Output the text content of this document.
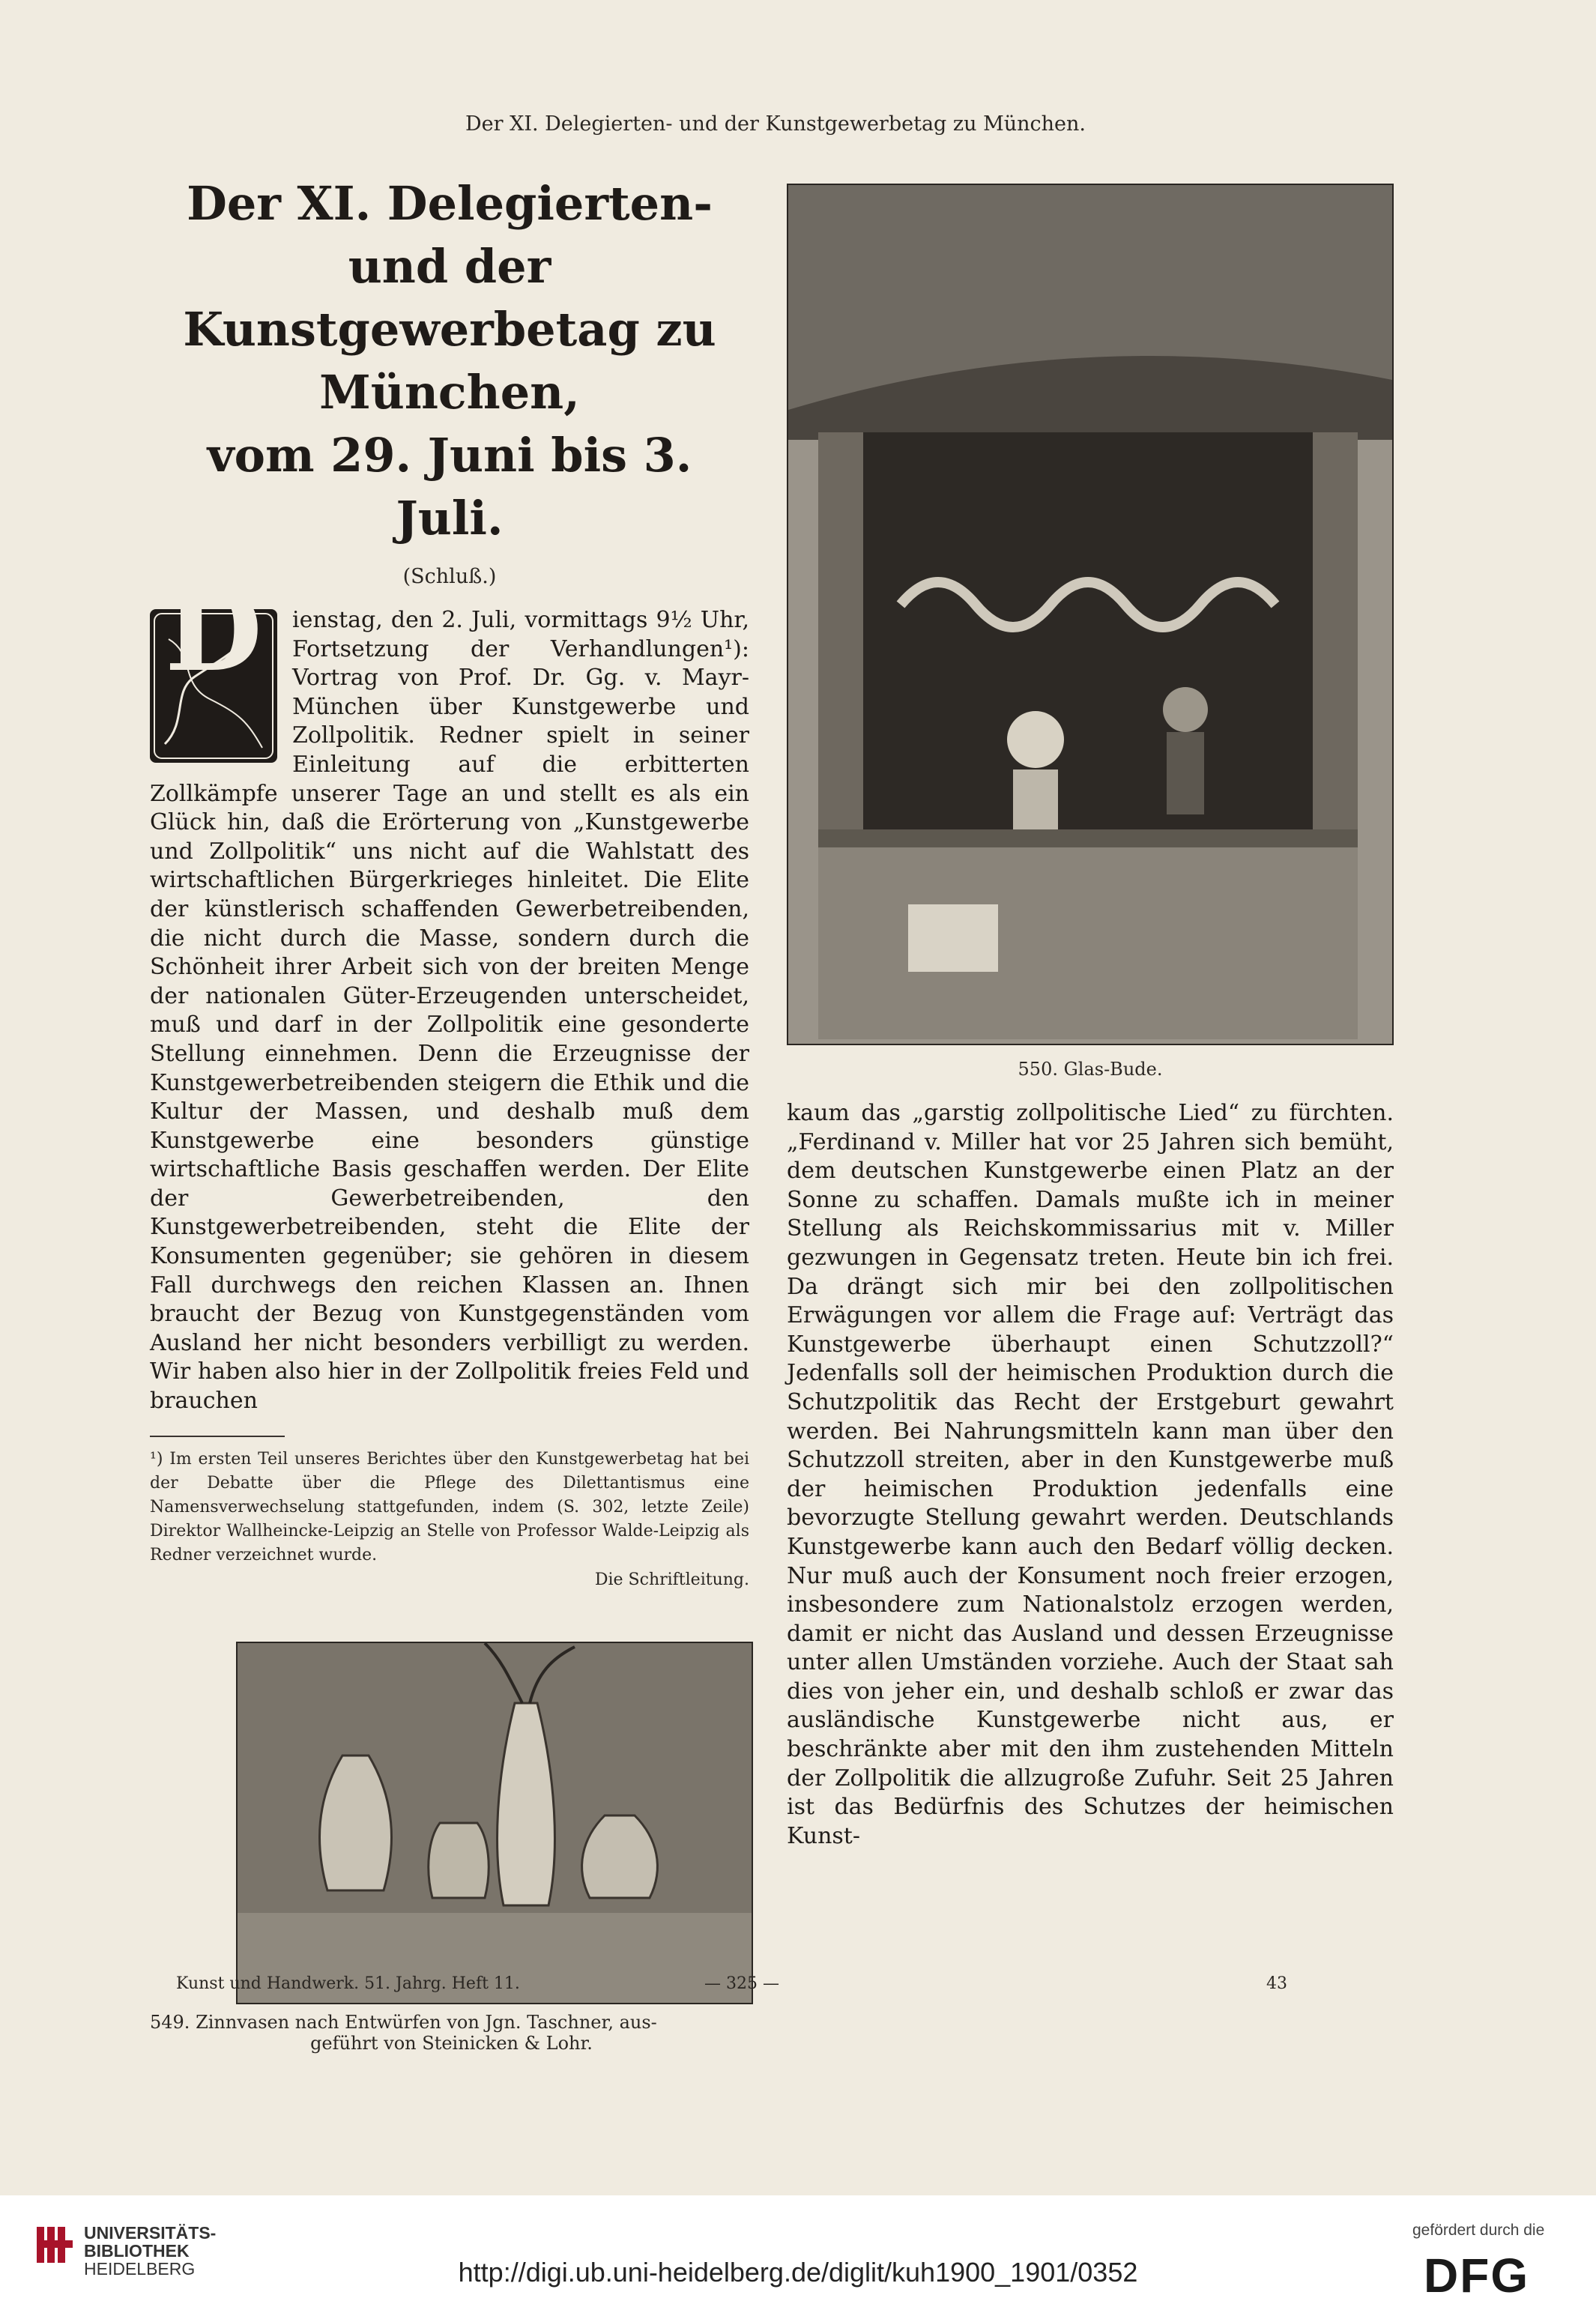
Der XI. Delegierten- und der Kunstgewerbetag zu München.
Der XI. Delegierten- und der
Kunstgewerbetag zu München,
vom 29. Juni bis 3. Juli.
(Schluß.)

D	ienstag, den 2. Juli, vormittags 9½ Uhr, Fortsetzung der Verhandlungen¹): Vortrag von Prof. Dr. Gg. v. Mayr-München über Kunstgewerbe und Zollpolitik. Redner spielt in seiner Einleitung auf die erbitterten Zollkämpfe unserer Tage an und stellt es als ein Glück hin, daß die Erörterung von „Kunstgewerbe und Zollpolitik“ uns nicht auf die Wahlstatt des wirtschaftlichen Bürgerkrieges hinleitet. Die Elite der künstlerisch schaffenden Gewerbetreibenden, die nicht durch die Masse, sondern durch die Schönheit ihrer Arbeit sich von der breiten Menge der nationalen Güter-Erzeugenden unterscheidet, muß und darf in der Zollpolitik eine gesonderte Stellung einnehmen. Denn die Erzeugnisse der Kunstgewerbetreibenden steigern die Ethik und die Kultur der Massen, und deshalb muß dem Kunstgewerbe eine besonders günstige wirtschaftliche Basis geschaffen werden. Der Elite der Gewerbetreibenden, den Kunstgewerbetreibenden, steht die Elite der Konsumenten gegenüber; sie gehören in diesem Fall durchwegs den reichen Klassen an. Ihnen braucht der Bezug von Kunstgegenständen vom Ausland her nicht besonders verbilligt zu werden. Wir haben also hier in der Zollpolitik freies Feld und brauchen

¹) Im ersten Teil unseres Berichtes über den Kunstgewerbetag hat bei der Debatte über die Pflege des Dilettantismus eine Namensverwechselung stattgefunden, indem (S. 302, letzte Zeile) Direktor Wallheincke-Leipzig an Stelle von Professor Walde-Leipzig als Redner verzeichnet wurde.

Die Schriftleitung.

549. Zinnvasen nach Entwürfen von Jgn. Taschner, aus-
geführt von Steinicken & Lohr.

550. Glas-Bude.

kaum das „garstig zollpolitische Lied“ zu fürchten. „Ferdinand v. Miller hat vor 25 Jahren sich bemüht, dem deutschen Kunstgewerbe einen Platz an der Sonne zu schaffen. Damals mußte ich in meiner Stellung als Reichskommissarius mit v. Miller gezwungen in Gegensatz treten. Heute bin ich frei. Da drängt sich mir bei den zollpolitischen Erwägungen vor allem die Frage auf: Verträgt das Kunstgewerbe überhaupt einen Schutzzoll?“ Jedenfalls soll der heimischen Produktion durch die Schutzpolitik das Recht der Erstgeburt gewahrt werden. Bei Nahrungsmitteln kann man über den Schutzzoll streiten, aber in den Kunstgewerbe muß der heimischen Produktion jedenfalls eine bevorzugte Stellung gewahrt werden. Deutschlands Kunstgewerbe kann auch den Bedarf völlig decken. Nur muß auch der Konsument noch freier erzogen, insbesondere zum Nationalstolz erzogen werden, damit er nicht das Ausland und dessen Erzeugnisse unter allen Umständen vorziehe. Auch der Staat sah dies von jeher ein, und deshalb schloß er zwar das ausländische Kunstgewerbe nicht aus, er beschränkte aber mit den ihm zustehenden Mitteln der Zollpolitik die allzugroße Zufuhr. Seit 25 Jahren ist das Bedürfnis des Schutzes der heimischen Kunst-

Kunst und Handwerk. 51. Jahrg. Heft 11.	— 325 —	43
UNIVERSITÄTS-
BIBLIOTHEK
HEIDELBERG	http://digi.ub.uni-heidelberg.de/diglit/kuh1900_1901/0352
gefördert durch die
DFG
